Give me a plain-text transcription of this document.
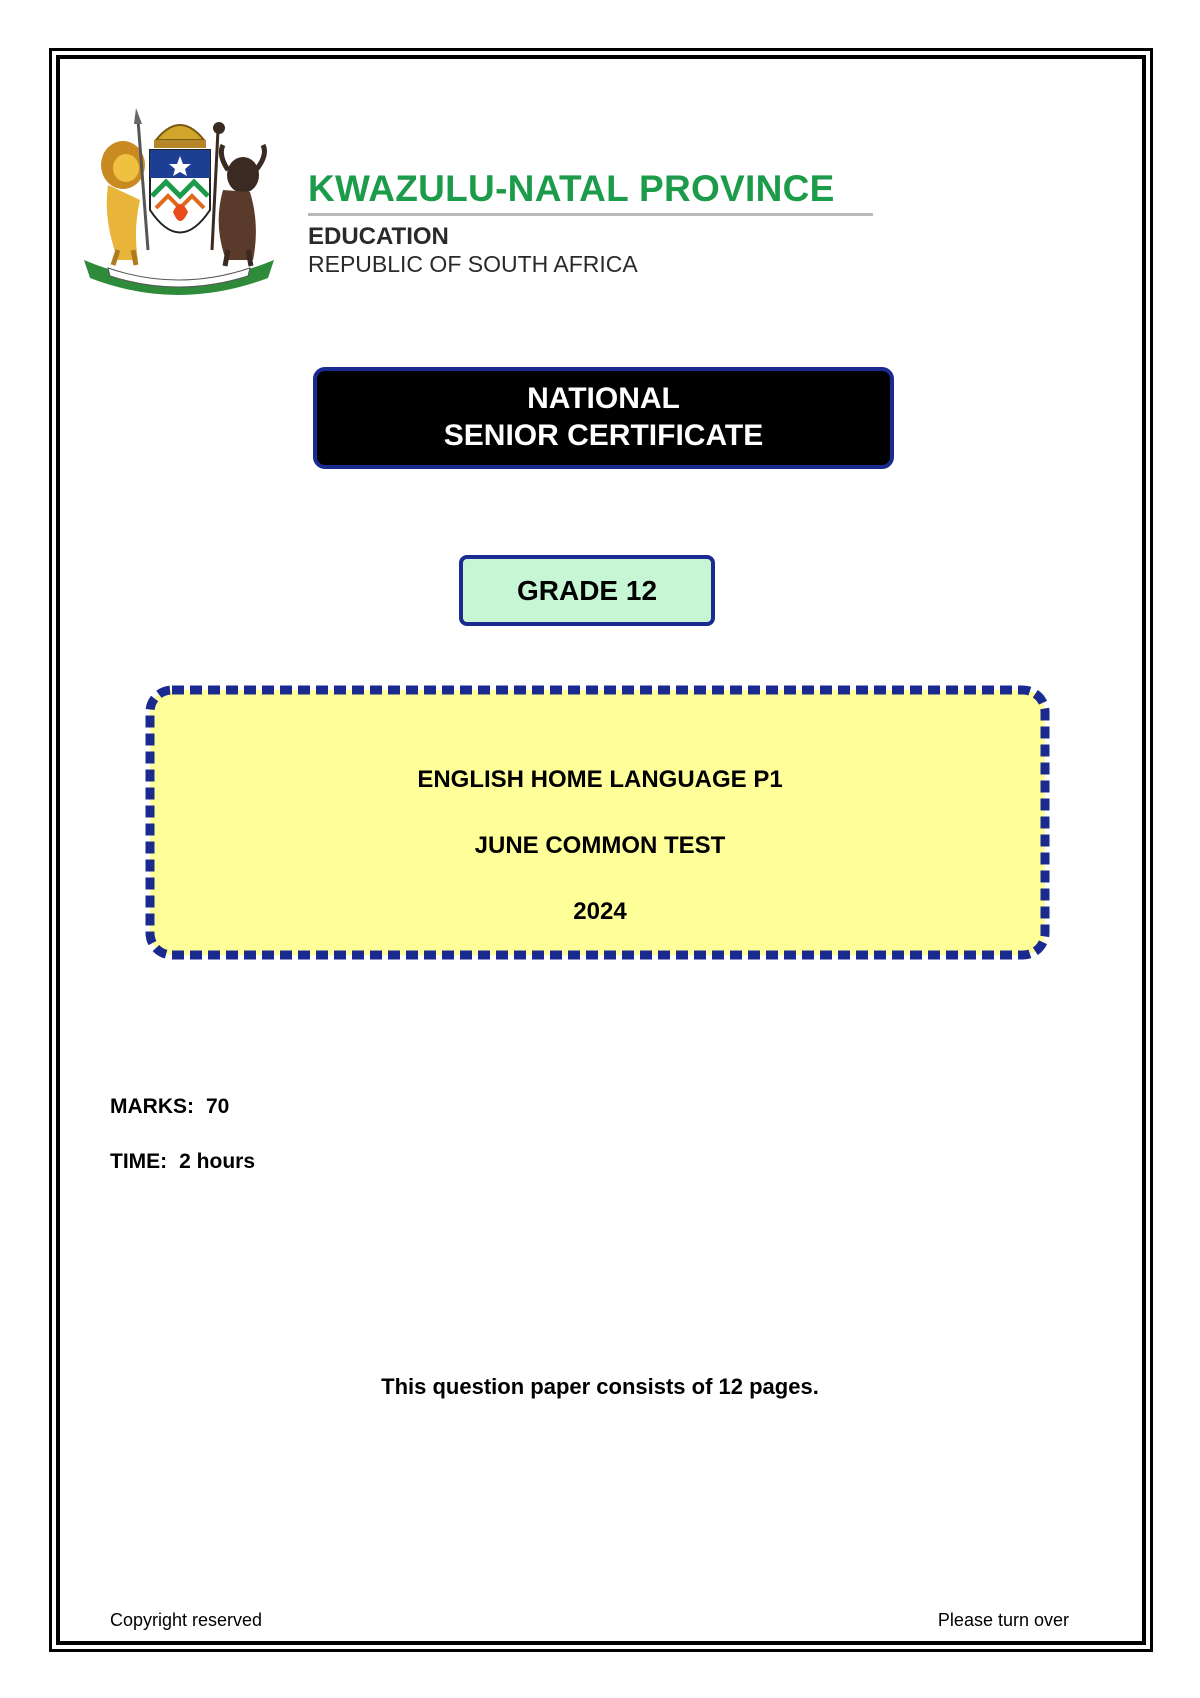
KWAZULU-NATAL PROVINCE
EDUCATION
REPUBLIC OF SOUTH AFRICA
NATIONAL
SENIOR CERTIFICATE
GRADE 12
ENGLISH HOME LANGUAGE P1
JUNE COMMON TEST
2024
MARKS: 70
TIME: 2 hours
This question paper consists of 12 pages.
Copyright reserved	Please turn over
